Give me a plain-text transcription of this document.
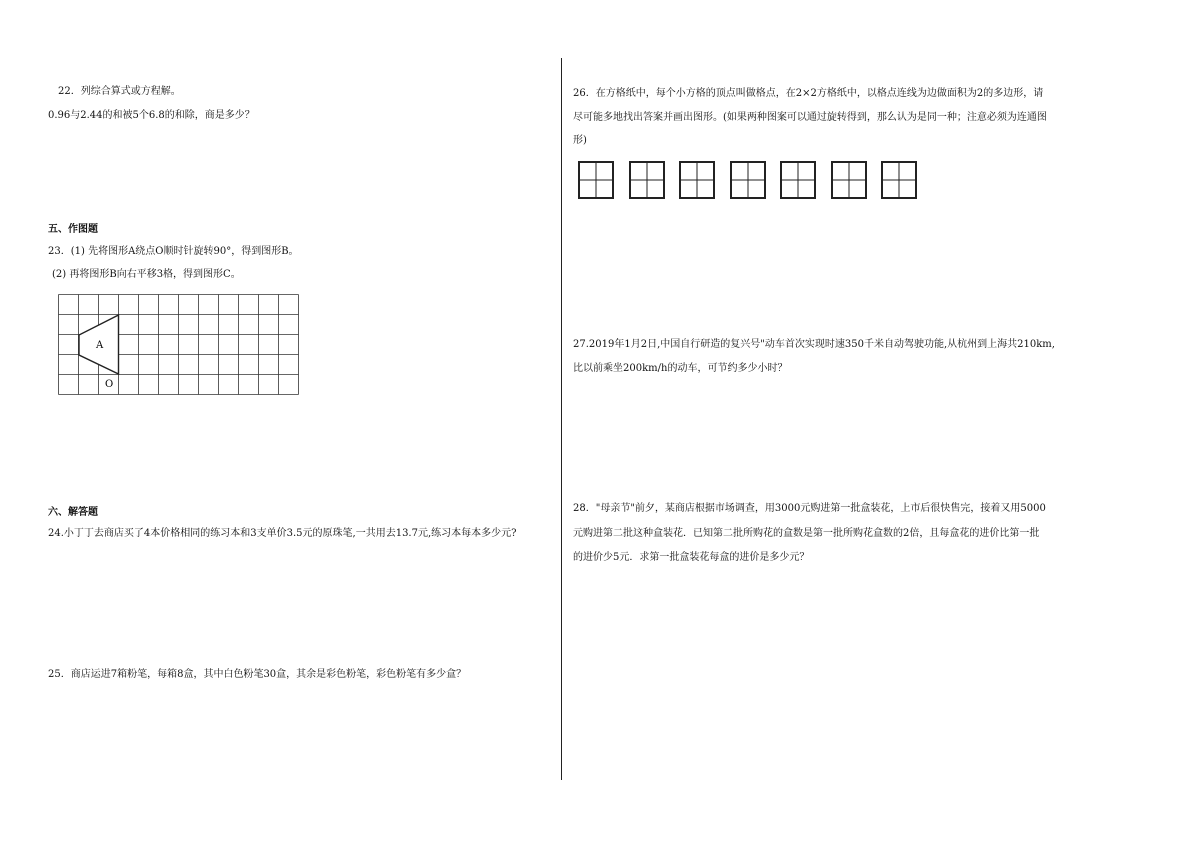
22．列综合算式或方程解。
0.96与2.44的和被5个6.8的和除，商是多少？
五、作图题
23．(1) 先将图形A绕点O顺时针旋转90°，得到图形B。
(2) 再将图形B向右平移3格，得到图形C。
A
O
六、解答题
24.小丁丁去商店买了4本价格相同的练习本和3支单价3.5元的原珠笔,一共用去13.7元,练习本每本多少元?
25．商店运进7箱粉笔，每箱8盒，其中白色粉笔30盒，其余是彩色粉笔，彩色粉笔有多少盒？
26．在方格纸中，每个小方格的顶点叫做格点，在2×2方格纸中，以格点连线为边做面积为2的多边形，请
尽可能多地找出答案并画出图形。(如果两种图案可以通过旋转得到，那么认为是同一种；注意必须为连通图
形)
27.2019年1月2日,中国自行研造的复兴号"动车首次实现时速350千米自动驾驶功能,从杭州到上海共210km,
比以前乘坐200km/h的动车，可节约多少小时？
28．"母亲节"前夕，某商店根据市场调查，用3000元购进第一批盒装花，上市后很快售完，接着又用5000
元购进第二批这种盒装花．已知第二批所购花的盒数是第一批所购花盒数的2倍，且每盒花的进价比第一批
的进价少5元．求第一批盒装花每盒的进价是多少元？
